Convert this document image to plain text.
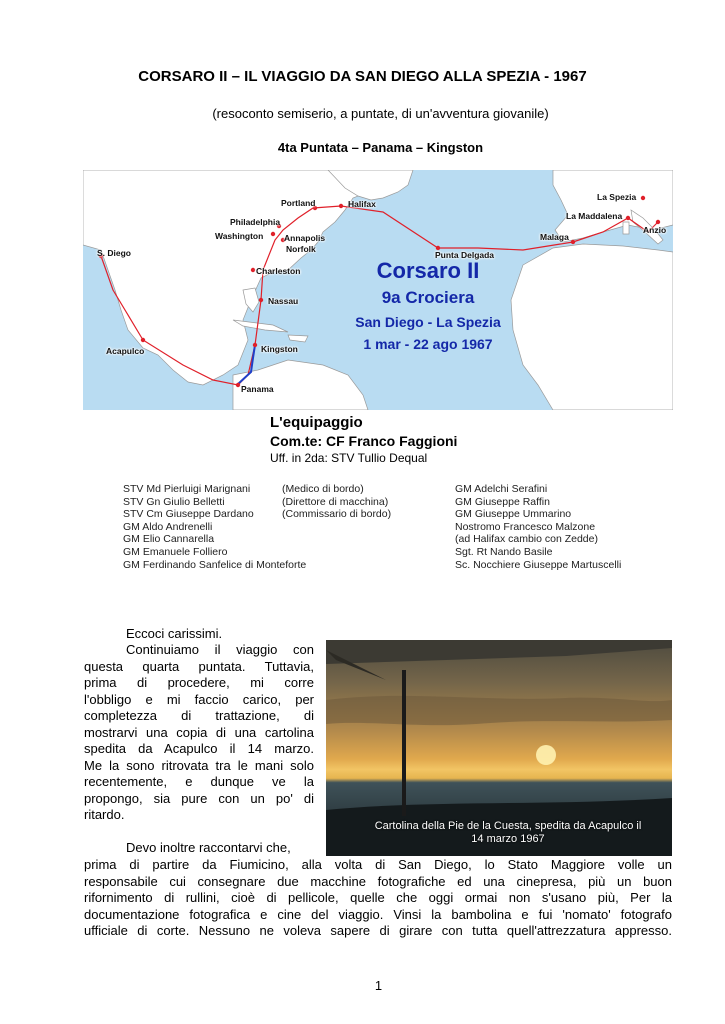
CORSARO II – IL VIAGGIO DA SAN DIEGO ALLA SPEZIA - 1967
(resoconto semiserio, a puntate, di un'avventura giovanile)
4ta Puntata – Panama – Kingston
S. Diego
Acapulco
Panama
Kingston
Nassau
Charleston
Washington
Philadelphia
Annapolis
Norfolk
Portland	Halifax
Punta Delgada
Malaga
La Maddalena
La Spezia
Anzio
Corsaro II
9a Crociera
San Diego - La Spezia
1 mar - 22 ago 1967
L'equipaggio
Com.te: CF Franco Faggioni
Uff. in 2da: STV Tullio Dequal
STV Md Pierluigi Marignani
STV Gn Giulio Belletti
STV Cm Giuseppe Dardano
GM Aldo Andrenelli
GM Elio Cannarella
GM Emanuele Folliero
GM Ferdinando Sanfelice di Monteforte
(Medico di bordo)
(Direttore di macchina)
(Commissario di bordo)
GM Adelchi Serafini
GM Giuseppe Raffin
GM Giuseppe Ummarino
Nostromo Francesco Malzone
(ad Halifax cambio con Zedde)
Sgt. Rt Nando Basile
Sc. Nocchiere Giuseppe Martuscelli
Eccoci carissimi.
Continuiamo il viaggio con
questa quarta puntata. Tuttavia,
prima di procedere, mi corre
l'obbligo e mi faccio carico, per
completezza di trattazione, di
mostrarvi una copia di una cartolina
spedita da Acapulco il 14 marzo.
Me la sono ritrovata tra le mani solo
recentemente, e dunque ve la
propongo, sia pure con un po' di
ritardo.
Devo inoltre raccontarvi che,
Cartolina della Pie de la Cuesta, spedita da Acapulco il
14 marzo 1967
prima di partire da Fiumicino, alla volta di San Diego, lo Stato Maggiore volle un
responsabile cui consegnare due macchine fotografiche ed una cinepresa, più un buon
rifornimento di rullini, cioè di pellicole, quelle che oggi ormai non s'usano più, Per la
documentazione fotografica e cine del viaggio. Vinsi la bambolina e fui 'nomato' fotografo
ufficiale di corte. Nessuno ne voleva sapere di girare con tutta quell'attrezzatura appresso.
1
